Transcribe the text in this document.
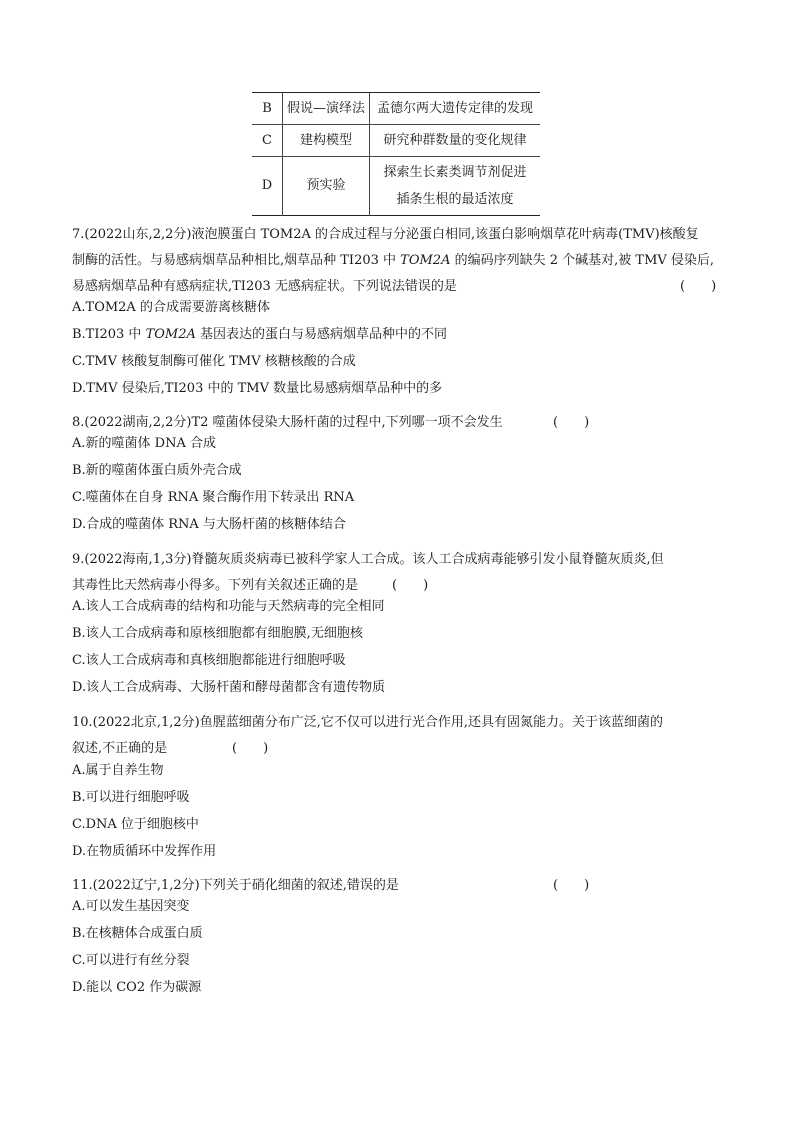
B	假说—演绎法	孟德尔两大遗传定律的发现
C	建构模型	研究种群数量的变化规律
D	预实验	探索生长素类调节剂促进
插条生根的最适浓度
7.(2022山东,2,2分)液泡膜蛋白 TOM2A 的合成过程与分泌蛋白相同,该蛋白影响烟草花叶病毒(TMV)核酸复
制酶的活性。与易感病烟草品种相比,烟草品种 TI203 中 TOM2A 的编码序列缺失 2 个碱基对,被 TMV 侵染后,
易感病烟草品种有感病症状,TI203 无感病症状。下列说法错误的是	(　　)
A.TOM2A 的合成需要游离核糖体
B.TI203 中 TOM2A 基因表达的蛋白与易感病烟草品种中的不同
C.TMV 核酸复制酶可催化 TMV 核糖核酸的合成
D.TMV 侵染后,TI203 中的 TMV 数量比易感病烟草品种中的多
8.(2022湖南,2,2分)T2 噬菌体侵染大肠杆菌的过程中,下列哪一项不会发生	(　　)
A.新的噬菌体 DNA 合成
B.新的噬菌体蛋白质外壳合成
C.噬菌体在自身 RNA 聚合酶作用下转录出 RNA
D.合成的噬菌体 RNA 与大肠杆菌的核糖体结合
9.(2022海南,1,3分)脊髓灰质炎病毒已被科学家人工合成。该人工合成病毒能够引发小鼠脊髓灰质炎,但
其毒性比天然病毒小得多。下列有关叙述正确的是	(　　)
A.该人工合成病毒的结构和功能与天然病毒的完全相同
B.该人工合成病毒和原核细胞都有细胞膜,无细胞核
C.该人工合成病毒和真核细胞都能进行细胞呼吸
D.该人工合成病毒、大肠杆菌和酵母菌都含有遗传物质
10.(2022北京,1,2分)鱼腥蓝细菌分布广泛,它不仅可以进行光合作用,还具有固氮能力。关于该蓝细菌的
叙述,不正确的是	(　　)
A.属于自养生物
B.可以进行细胞呼吸
C.DNA 位于细胞核中
D.在物质循环中发挥作用
11.(2022辽宁,1,2分)下列关于硝化细菌的叙述,错误的是	(　　)
A.可以发生基因突变
B.在核糖体合成蛋白质
C.可以进行有丝分裂
D.能以 CO2 作为碳源
